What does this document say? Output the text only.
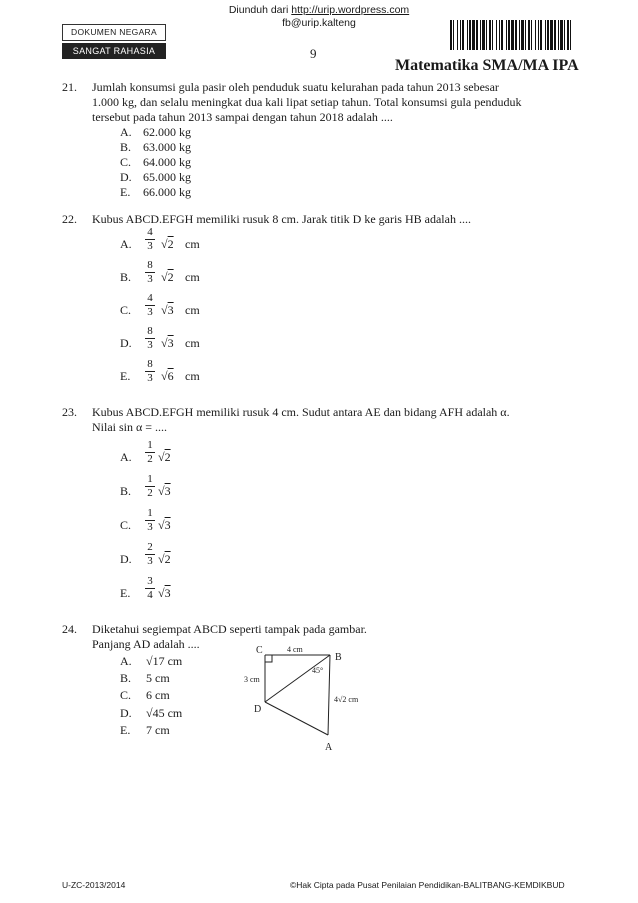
Diunduh dari http://urip.wordpress.com
fb@urip.kalteng
DOKUMEN NEGARA
SANGAT RAHASIA	9
Matematika SMA/MA IPA
21. Jumlah konsumsi gula pasir oleh penduduk suatu kelurahan pada tahun 2013 sebesar
1.000 kg, dan selalu meningkat dua kali lipat setiap tahun. Total konsumsi gula penduduk
tersebut pada tahun 2013 sampai dengan tahun 2018 adalah ....
A. 62.000 kg
B. 63.000 kg
C. 64.000 kg
D. 65.000 kg
E. 66.000 kg
22. Kubus ABCD.EFGH memiliki rusuk 8 cm. Jarak titik D ke garis HB adalah ....
A. $\frac{4}{3} √2$ cm
B. $\frac{8}{3} √2$ cm
C. $\frac{4}{3} √3$ cm
D. $\frac{8}{3} √3$ cm
E. $\frac{8}{3} √6$ cm
23. Kubus ABCD.EFGH memiliki rusuk 4 cm. Sudut antara AE dan bidang AFH adalah α.
Nilai sin α = ....
A. $\frac{1}{2} √2$
B. $\frac{1}{2} √3$
C. $\frac{1}{3} √3$
D. $\frac{2}{3} √2$
E. $\frac{3}{4} √3$
24. Diketahui segiempat ABCD seperti tampak pada gambar.
Panjang AD adalah ....
A. √17 cm
B. 5 cm
C. 6 cm
D. √45 cm
E. 7 cm
C
B
D
A
4 cm
3 cm
45°
4√2 cm
U-ZC-2013/2014	©Hak Cipta pada Pusat Penilaian Pendidikan-BALITBANG-KEMDIKBUD
